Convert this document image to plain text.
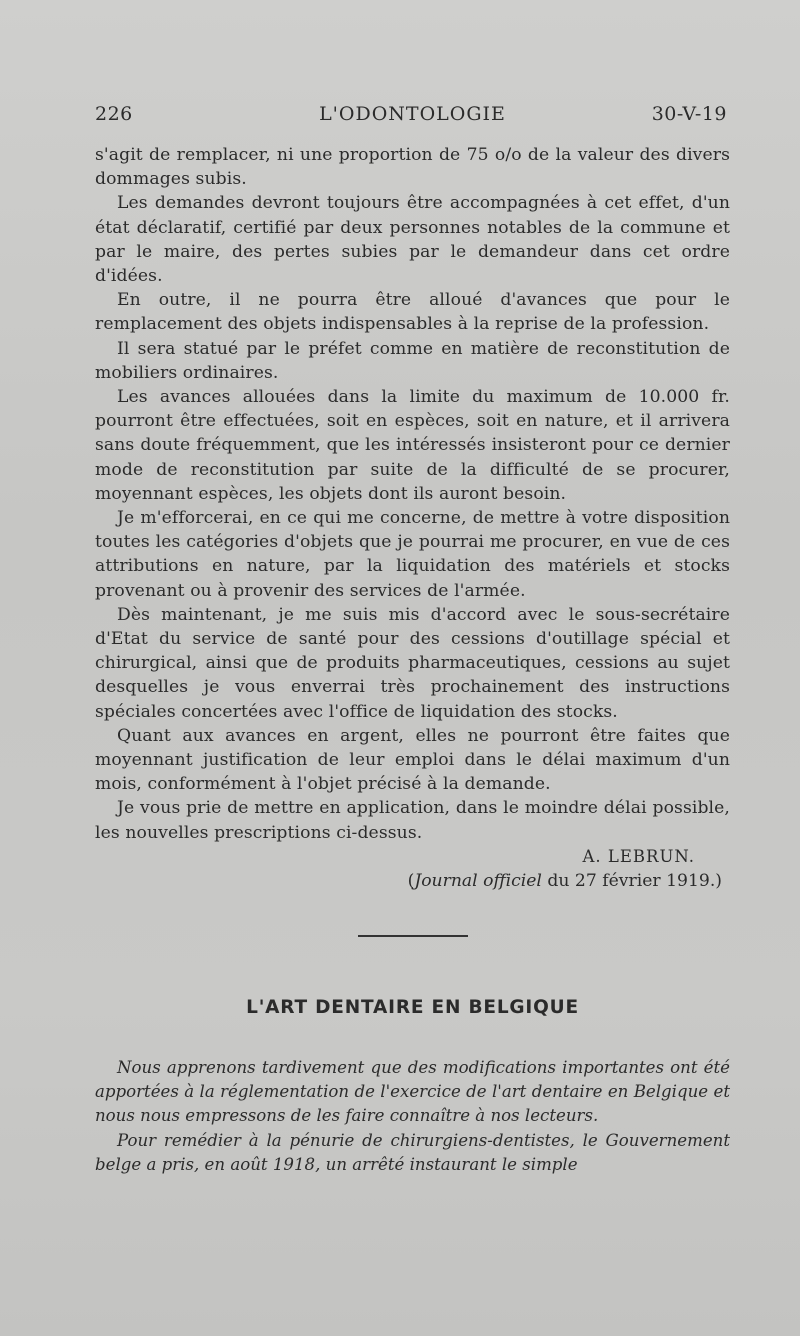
226	L'ODONTOLOGIE	30-V-19

s'agit de remplacer, ni une proportion de 75 o/o de la valeur des divers dommages subis.

Les demandes devront toujours être accompagnées à cet effet, d'un état déclaratif, certifié par deux personnes notables de la commune et par le maire, des pertes subies par le demandeur dans cet ordre d'idées.

En outre, il ne pourra être alloué d'avances que pour le remplacement des objets indispensables à la reprise de la profession.

Il sera statué par le préfet comme en matière de reconstitution de mobiliers ordinaires.

Les avances allouées dans la limite du maximum de 10.000 fr. pourront être effectuées, soit en espèces, soit en nature, et il arrivera sans doute fréquemment, que les intéressés insisteront pour ce dernier mode de reconstitution par suite de la difficulté de se procurer, moyennant espèces, les objets dont ils auront besoin.

Je m'efforcerai, en ce qui me concerne, de mettre à votre disposition toutes les catégories d'objets que je pourrai me procurer, en vue de ces attributions en nature, par la liquidation des matériels et stocks provenant ou à provenir des services de l'armée.

Dès maintenant, je me suis mis d'accord avec le sous-secrétaire d'Etat du service de santé pour des cessions d'outillage spécial et chirurgical, ainsi que de produits pharmaceutiques, cessions au sujet desquelles je vous enverrai très prochainement des instructions spéciales concertées avec l'office de liquidation des stocks.

Quant aux avances en argent, elles ne pourront être faites que moyennant justification de leur emploi dans le délai maximum d'un mois, conformément à l'objet précisé à la demande.

Je vous prie de mettre en application, dans le moindre délai possible, les nouvelles prescriptions ci-dessus.

A. LEBRUN.
(Journal officiel du 27 février 1919.)
L'ART DENTAIRE EN BELGIQUE

Nous apprenons tardivement que des modifications importantes ont été apportées à la réglementation de l'exercice de l'art dentaire en Belgique et nous nous empressons de les faire connaître à nos lecteurs.

Pour remédier à la pénurie de chirurgiens-dentistes, le Gouvernement belge a pris, en août 1918, un arrêté instaurant le simple
